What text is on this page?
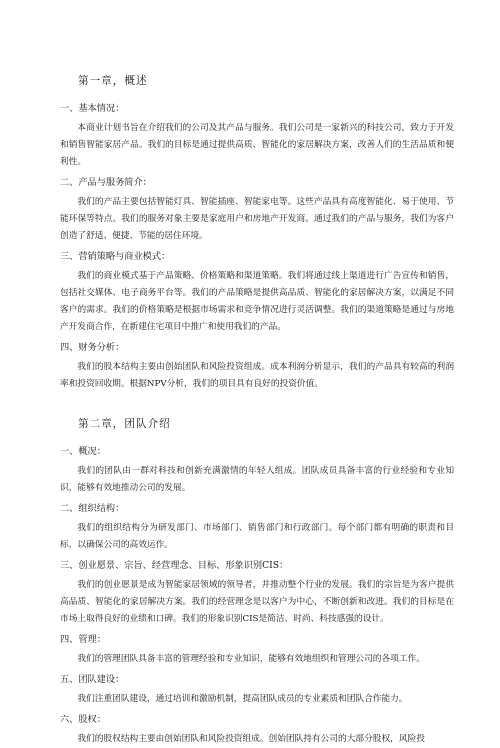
第一章，概述
一、基本情况：
本商业计划书旨在介绍我们的公司及其产品与服务。我们公司是一家新兴的科技公司，致力于开发和销售智能家居产品。我们的目标是通过提供高质、智能化的家居解决方案，改善人们的生活品质和便利性。
二、产品与服务简介：
我们的产品主要包括智能灯具、智能插座、智能家电等。这些产品具有高度智能化、易于使用、节能环保等特点。我们的服务对象主要是家庭用户和房地产开发商。通过我们的产品与服务，我们为客户创造了舒适、便捷、节能的居住环境。
三、营销策略与商业模式：
我们的商业模式基于产品策略、价格策略和渠道策略。我们将通过线上渠道进行广告宣传和销售，包括社交媒体、电子商务平台等。我们的产品策略是提供高品质、智能化的家居解决方案，以满足不同客户的需求。我们的价格策略是根据市场需求和竞争情况进行灵活调整。我们的渠道策略是通过与房地产开发商合作，在新建住宅项目中推广和使用我们的产品。
四、财务分析：
我们的股本结构主要由创始团队和风险投资组成。成本利润分析显示，我们的产品具有较高的利润率和投资回收期。根据NPV分析，我们的项目具有良好的投资价值。
第二章，团队介绍
一、概况：
我们的团队由一群对科技和创新充满激情的年轻人组成。团队成员具备丰富的行业经验和专业知识，能够有效地推动公司的发展。
二、组织结构：
我们的组织结构分为研发部门、市场部门、销售部门和行政部门。每个部门都有明确的职责和目标，以确保公司的高效运作。
三、创业愿景、宗旨、经营理念、目标、形象识别CIS：
我们的创业愿景是成为智能家居领域的领导者，并推动整个行业的发展。我们的宗旨是为客户提供高品质、智能化的家居解决方案。我们的经营理念是以客户为中心，不断创新和改进。我们的目标是在市场上取得良好的业绩和口碑。我们的形象识别CIS是简洁、时尚、科技感强的设计。
四、管理：
我们的管理团队具备丰富的管理经验和专业知识，能够有效地组织和管理公司的各项工作。
五、团队建设：
我们注重团队建设，通过培训和激励机制，提高团队成员的专业素质和团队合作能力。
六、股权：
我们的股权结构主要由创始团队和风险投资组成。创始团队持有公司的大部分股权，风险投
